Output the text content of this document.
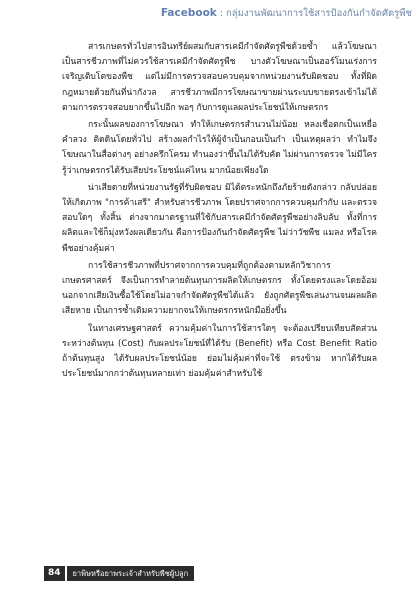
Facebook : กลุ่มงานพัฒนาการใช้สารป้องกันกำจัดศัตรูพืช

สารเกษตรทั่วไปสารอินทรีย์ผสมกับสารเคมีกำจัดศัตรูพืชด้วยซ้ำ แล้วโฆษณาเป็นสารชีวภาพที่ไม่ควรใช้สารเคมีกำจัดศัตรูพืช บางตัวโฆษณาเป็นฮอร์โมนเร่งการเจริญเติบโตของพืช แต่ไม่มีการตรวจสอบควบคุมจากหน่วยงานรับผิดชอบ ทั้งที่ผิดกฎหมายด้วยกันที่น่ากังวล สารชีวภาพมีการโฆษณาขายผ่านระบบขายตรงเข้าไม่ได้ตามการตรวจสอบยากขึ้นไปอีก พอๆ กับการดูแลผลประโยชน์ให้เกษตรกร

กระนั้นผลของการโฆษณา ทำให้เกษตรกรสำนวนไม่น้อย หลงเชื่อตกเป็นเหยื่อคำลวง ติดดินโดยทั่วไป สร้างผลกำไรให้ผู้จำเป็นกอบเป็นกำ เป็นเหตุผลว่า ทำไมจึงโฆษณาในสื่อต่างๆ อย่างครึกโครม ทำนองว่าขึ้นไม่ได้รับคัด ไม่ผ่านการตรวจ ไม่มีใครรู้ว่าเกษตรกรได้รับเสียประโยชน์แค่ไหน มากน้อยเพียงใด

น่าเสียดายที่หน่วยงานรัฐที่รับผิดชอบ มิได้ตระหนักถึงภัยร้ายดังกล่าว กลับปล่อยให้เกิดภาพ "การค้าเสรี" สำหรับสารชีวภาพ โดยปราศจากการควบคุมกำกับ และตรวจสอบใดๆ ทั้งสิ้น ต่างจากมาตรฐานที่ใช้กับสารเคมีกำจัดศัตรูพืชอย่างลิบลับ ทั้งที่การผลิตและใช้ก็มุ่งหวังผลเดียวกัน คือการป้องกันกำจัดศัตรูพืช ไม่ว่าวัชพืช แมลง หรือโรคพืชอย่างคุ้มค่า

การใช้สารชีวภาพที่ปราศจากการควบคุมที่ถูกต้องตามหลักวิชาการเกษตรศาสตร์ จึงเป็นการทำลายต้นทุนการผลิตให้เกษตรกร ทั้งโดยตรงและโดยอ้อม นอกจากเสียเงินซื้อใช้โดยไม่อาจกำจัดศัตรูพืชได้แล้ว ยังถูกศัตรูพืชเล่นงานจนผลผลิตเสียหาย เป็นการซ้ำเติมความยากจนให้เกษตรกรหนักมือยิ่งขึ้น

ในทางเศรษฐศาสตร์ ความคุ้มค่าในการใช้สารใดๆ จะต้องเปรียบเทียบสัดส่วนระหว่างต้นทุน (Cost) กับผลประโยชน์ที่ได้รับ (Benefit) หรือ Cost Benefit Ratio ถ้าต้นทุนสูง ได้รับผลประโยชน์น้อย ย่อมไม่คุ้มค่าที่จะใช้ ตรงข้าม หากได้รับผลประโยชน์มากกว่าต้นทุนหลายเท่า ย่อมคุ้มค่าสำหรับใช้

84	ยาพิษหรือยาพระเจ้าสำหรับพืชผู้ปลูก
